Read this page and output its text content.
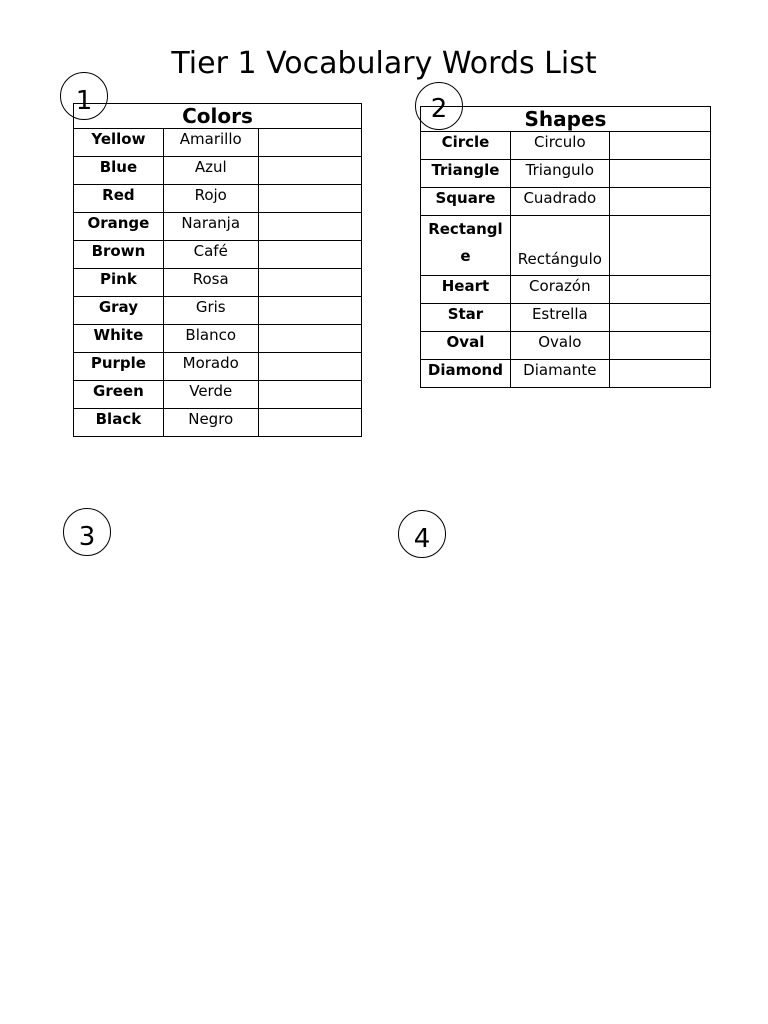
Tier 1 Vocabulary Words List
1	2
3	4
Colors		
Yellow	Amarillo	
Blue	Azul	
Red	Rojo	
Orange	Naranja	
Brown	Café	
Pink	Rosa	
Gray	Gris	
White	Blanco	
Purple	Morado	
Green	Verde	
Black	Negro	
Shapes		
Circle	Circulo	
Triangle	Triangulo	
Square	Cuadrado	
Rectangl e	Rectángulo	
Heart	Corazón	
Star	Estrella	
Oval	Ovalo	
Diamond	Diamante	
